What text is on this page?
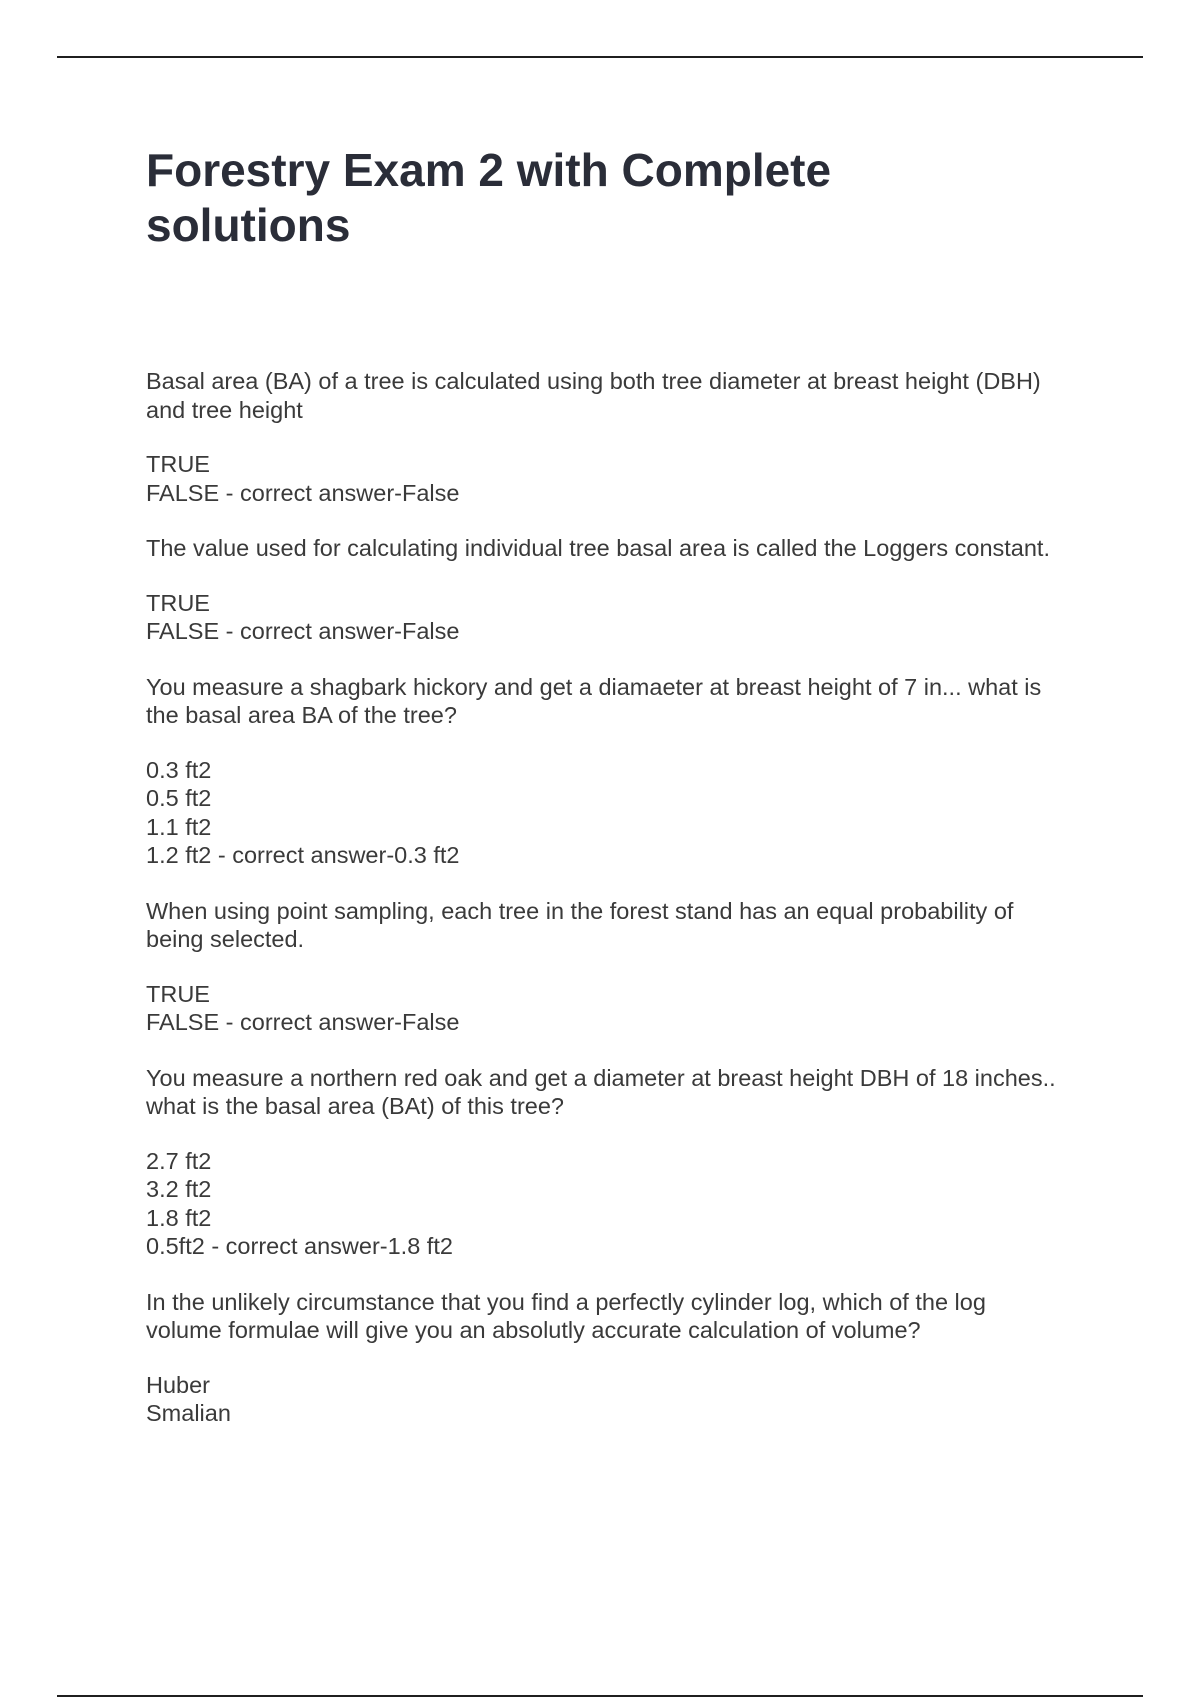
Forestry Exam 2 with Complete solutions

Basal area (BA) of a tree is calculated using both tree diameter at breast height (DBH)
and tree height

TRUE
FALSE - correct answer-False

The value used for calculating individual tree basal area is called the Loggers constant.

TRUE
FALSE - correct answer-False

You measure a shagbark hickory and get a diamaeter at breast height of 7 in... what is
the basal area BA of the tree?

0.3 ft2
0.5 ft2
1.1 ft2
1.2 ft2 - correct answer-0.3 ft2

When using point sampling, each tree in the forest stand has an equal probability of
being selected.

TRUE
FALSE - correct answer-False

You measure a northern red oak and get a diameter at breast height DBH of 18 inches..
what is the basal area (BAt) of this tree?

2.7 ft2
3.2 ft2
1.8 ft2
0.5ft2 - correct answer-1.8 ft2

In the unlikely circumstance that you find a perfectly cylinder log, which of the log
volume formulae will give you an absolutly accurate calculation of volume?

Huber
Smalian
